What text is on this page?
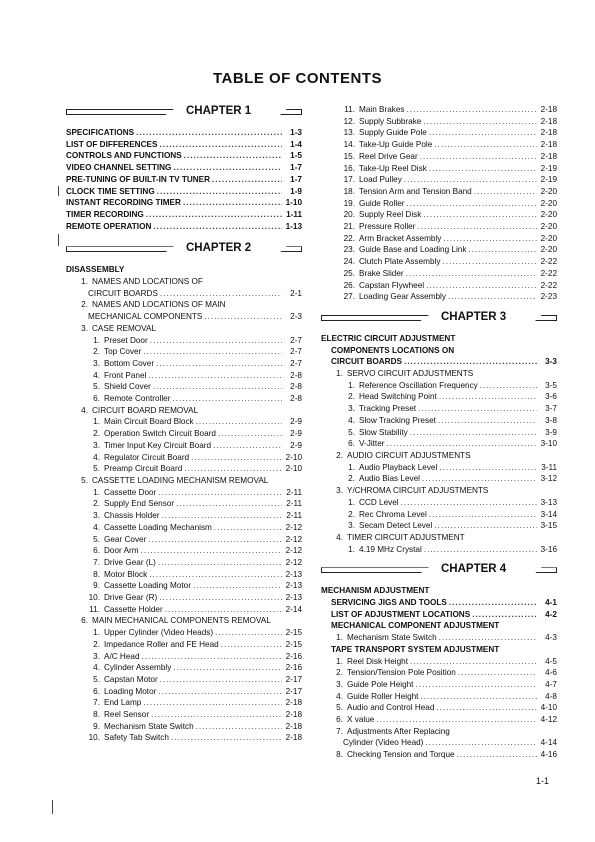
TABLE OF CONTENTS
CHAPTER 1
SPECIFICATIONS .....	1-3
LIST OF DIFFERENCES .....	1-4
CONTROLS AND FUNCTIONS .....	1-5
VIDEO CHANNEL SETTING .....	1-7
PRE-TUNING OF BUILT-IN TV TUNER .....	1-7
CLOCK TIME SETTING .....	1-9
INSTANT RECORDING TIMER .....	1-10
TIMER RECORDING .....	1-11
REMOTE OPERATION .....	1-13
CHAPTER 2
DISASSEMBLY
1. NAMES AND LOCATIONS OF
CIRCUIT BOARDS .....	2-1
2. NAMES AND LOCATIONS OF MAIN
MECHANICAL COMPONENTS .....	2-3
3. CASE REMOVAL
1. Preset Door .....	2-7
2. Top Cover .....	2-7
3. Bottom Cover .....	2-7
4. Front Panel .....	2-8
5. Shield Cover .....	2-8
6. Remote Controller .....	2-8
4. CIRCUIT BOARD REMOVAL
1. Main Circuit Board Block .....	2-9
2. Operation Switch Circuit Board .....	2-9
3. Timer Input Key Circuit Board .....	2-9
4. Regulator Circuit Board .....	2-10
5. Preamp Circuit Board .....	2-10
5. CASSETTE LOADING MECHANISM REMOVAL
1. Cassette Door .....	2-11
2. Supply End Sensor .....	2-11
3. Chassis Holder .....	2-11
4. Cassette Loading Mechanism .....	2-12
5. Gear Cover .....	2-12
6. Door Arm .....	2-12
7. Drive Gear (L) .....	2-12
8. Motor Block .....	2-13
9. Cassette Loading Motor .....	2-13
10. Drive Gear (R) .....	2-13
11. Cassette Holder .....	2-14
6. MAIN MECHANICAL COMPONENTS REMOVAL
1. Upper Cylinder (Video Heads) .....	2-15
2. Impedance Roller and FE Head .....	2-15
3. A/C Head .....	2-16
4. Cylinder Assembly .....	2-16
5. Capstan Motor .....	2-17
6. Loading Motor .....	2-17
7. End Lamp .....	2-18
8. Reel Sensor .....	2-18
9. Mechanism State Switch .....	2-18
10. Safety Tab Switch .....	2-18
11. Main Brakes .....	2-18
12. Supply Subbrake .....	2-18
13. Supply Guide Pole .....	2-18
14. Take-Up Guide Pole .....	2-18
15. Reel Drive Gear .....	2-18
16. Take-Up Reel Disk .....	2-19
17. Load Pulley .....	2-19
18. Tension Arm and Tension Band .....	2-20
19. Guide Roller .....	2-20
20. Supply Reel Disk .....	2-20
21. Pressure Roller .....	2-20
22. Arm Bracket Assembly .....	2-20
23. Guide Base and Loading Link .....	2-20
24. Clutch Plate Assembly .....	2-22
25. Brake Slider .....	2-22
26. Capstan Flywheel .....	2-22
27. Loading Gear Assembly .....	2-23
CHAPTER 3
ELECTRIC CIRCUIT ADJUSTMENT
COMPONENTS LOCATIONS ON
CIRCUIT BOARDS .....	3-3
1. SERVO CIRCUIT ADJUSTMENTS
1. Reference Oscillation Frequency .....	3-5
2. Head Switching Point .....	3-6
3. Tracking Preset .....	3-7
4. Slow Tracking Preset .....	3-8
5. Slow Stability .....	3-9
6. V-Jitter .....	3-10
2. AUDIO CIRCUIT ADJUSTMENTS
1. Audio Playback Level .....	3-11
2. Audio Bias Level .....	3-12
3. Y/CHROMA CIRCUIT ADJUSTMENTS
1. CCD Level .....	3-13
2. Rec Chroma Level .....	3-14
3. Secam Detect Level .....	3-15
4. TIMER CIRCUIT ADJUSTMENT
1. 4.19 MHz Crystal .....	3-16
CHAPTER 4
MECHANISM ADJUSTMENT
SERVICING JIGS AND TOOLS .....	4-1
LIST OF ADJUSTMENT LOCATIONS .....	4-2
MECHANICAL COMPONENT ADJUSTMENT
1. Mechanism State Switch .....	4-3
TAPE TRANSPORT SYSTEM ADJUSTMENT
1. Reel Disk Height .....	4-5
2. Tension/Tension Pole Position .....	4-6
3. Guide Pole Height .....	4-7
4. Guide Roller Height .....	4-8
5. Audio and Control Head .....	4-10
6. X value .....	4-12
7. Adjustments After Replacing
Cylinder (Video Head) .....	4-14
8. Checking Tension and Torque .....	4-16
1-1
